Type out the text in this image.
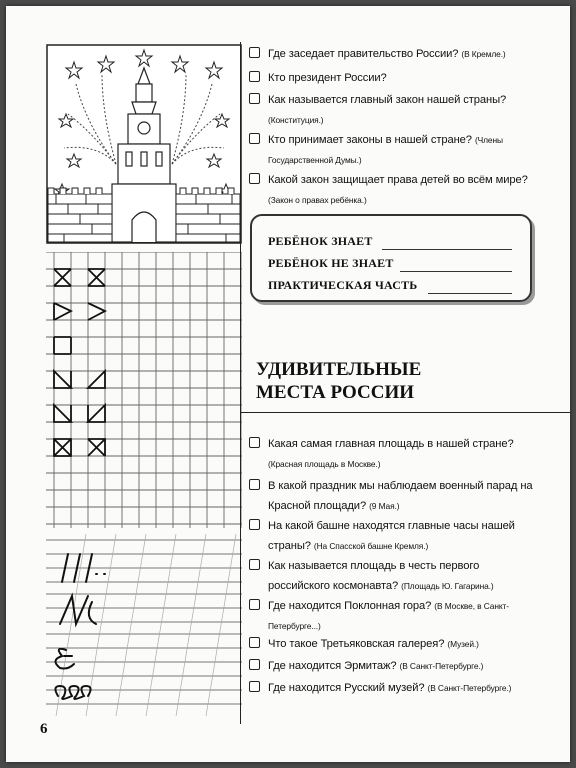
Где заседает правительство России? (В Кремле.)
Кто президент России?
Как называется главный закон нашей страны? (Конституция.)
Кто принимает законы в нашей стране? (Члены Государственной Думы.)
Какой закон защищает права детей во всём мире? (Закон о правах ребёнка.)
РЕБЁНОК ЗНАЕТ
РЕБЁНОК НЕ ЗНАЕТ
ПРАКТИЧЕСКАЯ ЧАСТЬ
УДИВИТЕЛЬНЫЕ
МЕСТА РОССИИ
Какая самая главная площадь в нашей стране? (Красная площадь в Москве.)
В какой праздник мы наблюдаем военный парад на Красной площади? (9 Мая.)
На какой башне находятся главные часы нашей страны? (На Спасской башне Кремля.)
Как называется площадь в честь первого российского космонавта? (Площадь Ю. Гагарина.)
Где находится Поклонная гора? (В Москве, в Санкт-Петербурге...)
Что такое Третьяковская галерея? (Музей.)
Где находится Эрмитаж? (В Санкт-Петербурге.)
Где находится Русский музей? (В Санкт-Петербурге.)
6
